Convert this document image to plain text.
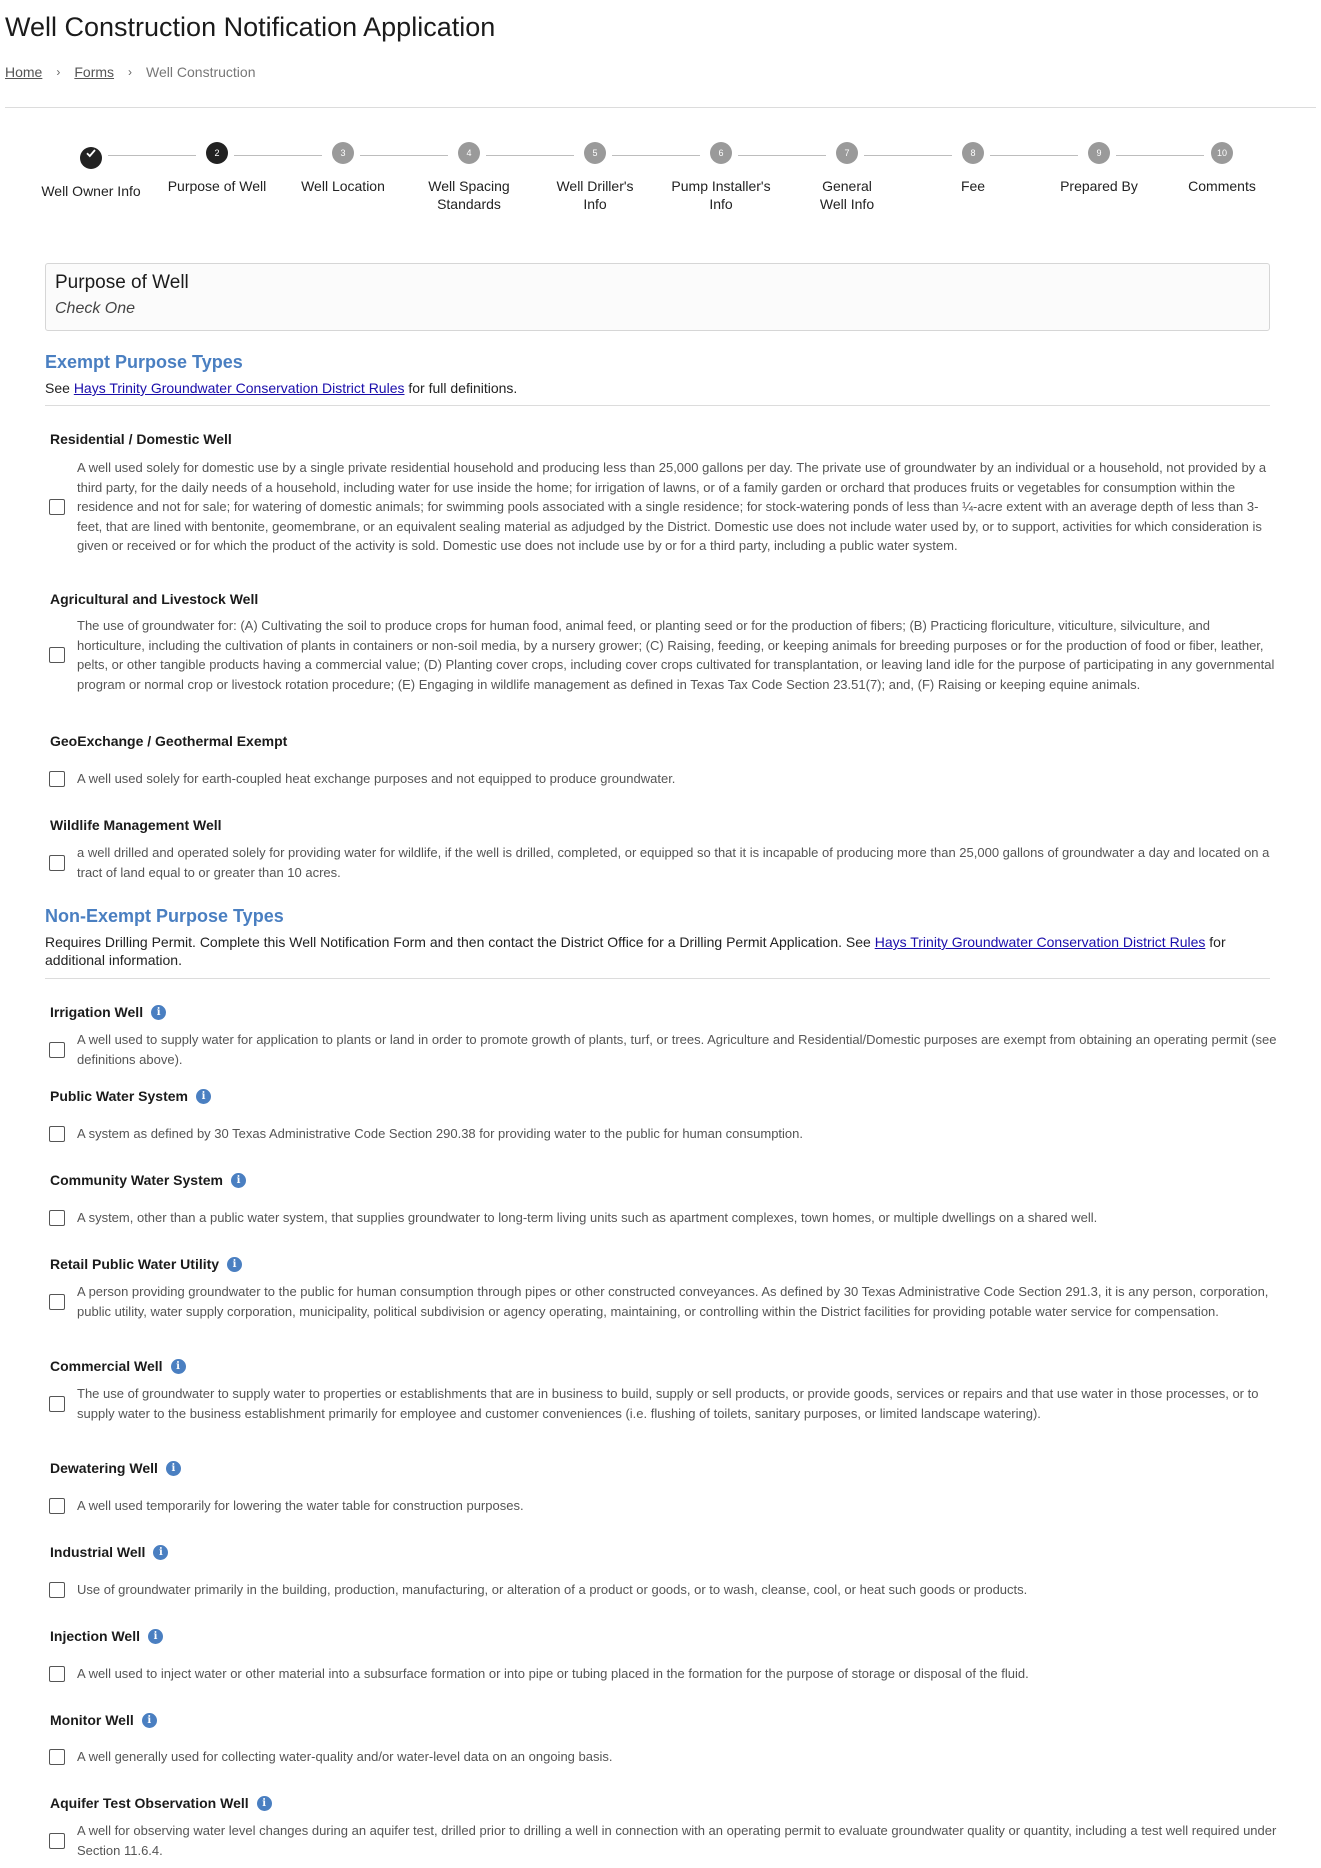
Well Construction Notification Application
Home › Forms › Well Construction
Well Owner Info
2
Purpose of Well
3
Well Location
4
Well Spacing Standards
5
Well Driller's Info
6
Pump Installer's Info
7
General Well Info
8
Fee
9
Prepared By
10
Comments
Purpose of Well
Check One
Exempt Purpose Types
See Hays Trinity Groundwater Conservation District Rules for full definitions.
Residential / Domestic Well
A well used solely for domestic use by a single private residential household and producing less than 25,000 gallons per day. The private use of groundwater by an individual or a household, not provided by a third party, for the daily needs of a household, including water for use inside the home; for irrigation of lawns, or of a family garden or orchard that produces fruits or vegetables for consumption within the residence and not for sale; for watering of domestic animals; for swimming pools associated with a single residence; for stock-watering ponds of less than ¼-acre extent with an average depth of less than 3-feet, that are lined with bentonite, geomembrane, or an equivalent sealing material as adjudged by the District. Domestic use does not include water used by, or to support, activities for which consideration is given or received or for which the product of the activity is sold. Domestic use does not include use by or for a third party, including a public water system.
Agricultural and Livestock Well
The use of groundwater for: (A) Cultivating the soil to produce crops for human food, animal feed, or planting seed or for the production of fibers; (B) Practicing floriculture, viticulture, silviculture, and horticulture, including the cultivation of plants in containers or non-soil media, by a nursery grower; (C) Raising, feeding, or keeping animals for breeding purposes or for the production of food or fiber, leather, pelts, or other tangible products having a commercial value; (D) Planting cover crops, including cover crops cultivated for transplantation, or leaving land idle for the purpose of participating in any governmental program or normal crop or livestock rotation procedure; (E) Engaging in wildlife management as defined in Texas Tax Code Section 23.51(7); and, (F) Raising or keeping equine animals.
GeoExchange / Geothermal Exempt
A well used solely for earth-coupled heat exchange purposes and not equipped to produce groundwater.
Wildlife Management Well
a well drilled and operated solely for providing water for wildlife, if the well is drilled, completed, or equipped so that it is incapable of producing more than 25,000 gallons of groundwater a day and located on a tract of land equal to or greater than 10 acres.
Non-Exempt Purpose Types
Requires Drilling Permit. Complete this Well Notification Form and then contact the District Office for a Drilling Permit Application. See Hays Trinity Groundwater Conservation District Rules for additional information.
Irrigation Well	i
A well used to supply water for application to plants or land in order to promote growth of plants, turf, or trees. Agriculture and Residential/Domestic purposes are exempt from obtaining an operating permit (see definitions above).
Public Water System	i
A system as defined by 30 Texas Administrative Code Section 290.38 for providing water to the public for human consumption.
Community Water System	i
A system, other than a public water system, that supplies groundwater to long-term living units such as apartment complexes, town homes, or multiple dwellings on a shared well.
Retail Public Water Utility	i
A person providing groundwater to the public for human consumption through pipes or other constructed conveyances. As defined by 30 Texas Administrative Code Section 291.3, it is any person, corporation, public utility, water supply corporation, municipality, political subdivision or agency operating, maintaining, or controlling within the District facilities for providing potable water service for compensation.
Commercial Well	i
The use of groundwater to supply water to properties or establishments that are in business to build, supply or sell products, or provide goods, services or repairs and that use water in those processes, or to supply water to the business establishment primarily for employee and customer conveniences (i.e. flushing of toilets, sanitary purposes, or limited landscape watering).
Dewatering Well	i
A well used temporarily for lowering the water table for construction purposes.
Industrial Well	i
Use of groundwater primarily in the building, production, manufacturing, or alteration of a product or goods, or to wash, cleanse, cool, or heat such goods or products.
Injection Well	i
A well used to inject water or other material into a subsurface formation or into pipe or tubing placed in the formation for the purpose of storage or disposal of the fluid.
Monitor Well	i
A well generally used for collecting water-quality and/or water-level data on an ongoing basis.
Aquifer Test Observation Well	i
A well for observing water level changes during an aquifer test, drilled prior to drilling a well in connection with an operating permit to evaluate groundwater quality or quantity, including a test well required under Section 11.6.4.
